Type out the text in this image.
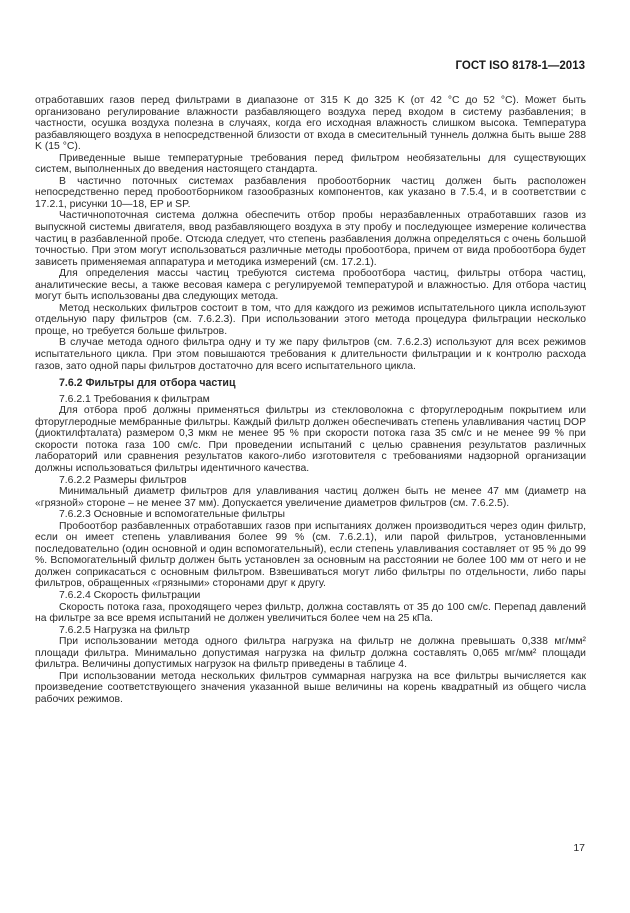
ГОСТ ISO 8178-1—2013

отработавших газов перед фильтрами в диапазоне от 315 K до 325 K (от 42 °C до 52 °C). Может быть организовано регулирование влажности разбавляющего воздуха перед входом в систему разбавления; в частности, осушка воздуха полезна в случаях, когда его исходная влажность слишком высока. Температура разбавляющего воздуха в непосредственной близости от входа в смесительный туннель должна быть выше 288 K (15 °C).

Приведенные выше температурные требования перед фильтром необязательны для существующих систем, выполненных до введения настоящего стандарта.

В частично поточных системах разбавления пробоотборник частиц должен быть расположен непосредственно перед пробоотборником газообразных компонентов, как указано в 7.5.4, и в соответствии с 17.2.1, рисунки 10—18, EP и SP.

Частичнопоточная система должна обеспечить отбор пробы неразбавленных отработавших газов из выпускной системы двигателя, ввод разбавляющего воздуха в эту пробу и последующее измерение количества частиц в разбавленной пробе. Отсюда следует, что степень разбавления должна определяться с очень большой точностью. При этом могут использоваться различные методы пробоотбора, причем от вида пробоотбора будет зависеть применяемая аппаратура и методика измерений (см. 17.2.1).

Для определения массы частиц требуются система пробоотбора частиц, фильтры отбора частиц, аналитические весы, а также весовая камера с регулируемой температурой и влажностью. Для отбора частиц могут быть использованы два следующих метода.

Метод нескольких фильтров состоит в том, что для каждого из режимов испытательного цикла используют отдельную пару фильтров (см. 7.6.2.3). При использовании этого метода процедура фильтрации несколько проще, но требуется больше фильтров.

В случае метода одного фильтра одну и ту же пару фильтров (см. 7.6.2.3) используют для всех режимов испытательного цикла. При этом повышаются требования к длительности фильтрации и к контролю расхода газов, зато одной пары фильтров достаточно для всего испытательного цикла.

7.6.2 Фильтры для отбора частиц

7.6.2.1 Требования к фильтрам

Для отбора проб должны применяться фильтры из стекловолокна с фторуглеродным покрытием или фторуглеродные мембранные фильтры. Каждый фильтр должен обеспечивать степень улавливания частиц DOP (диоктилфталата) размером 0,3 мкм не менее 95 % при скорости потока газа 35 см/с и не менее 99 % при скорости потока газа 100 см/с. При проведении испытаний с целью сравнения результатов различных лабораторий или сравнения результатов какого-либо изготовителя с требованиями надзорной организации должны использоваться фильтры идентичного качества.

7.6.2.2 Размеры фильтров

Минимальный диаметр фильтров для улавливания частиц должен быть не менее 47 мм (диаметр на «грязной» стороне – не менее 37 мм). Допускается увеличение диаметров фильтров (см. 7.6.2.5).

7.6.2.3 Основные и вспомогательные фильтры

Пробоотбор разбавленных отработавших газов при испытаниях должен производиться через один фильтр, если он имеет степень улавливания более 99 % (см. 7.6.2.1), или парой фильтров, установленными последовательно (один основной и один вспомогательный), если степень улавливания составляет от 95 % до 99 %. Вспомогательный фильтр должен быть установлен за основным на расстоянии не более 100 мм от него и не должен соприкасаться с основным фильтром. Взвешиваться могут либо фильтры по отдельности, либо пары фильтров, обращенных «грязными» сторонами друг к другу.

7.6.2.4 Скорость фильтрации

Скорость потока газа, проходящего через фильтр, должна составлять от 35 до 100 см/с. Перепад давлений на фильтре за все время испытаний не должен увеличиться более чем на 25 кПа.

7.6.2.5 Нагрузка на фильтр

При использовании метода одного фильтра нагрузка на фильтр не должна превышать 0,338 мг/мм² площади фильтра. Минимально допустимая нагрузка на фильтр должна составлять 0,065 мг/мм² площади фильтра. Величины допустимых нагрузок на фильтр приведены в таблице 4.

При использовании метода нескольких фильтров суммарная нагрузка на все фильтры вычисляется как произведение соответствующего значения указанной выше величины на корень квадратный из общего числа рабочих режимов.

17
